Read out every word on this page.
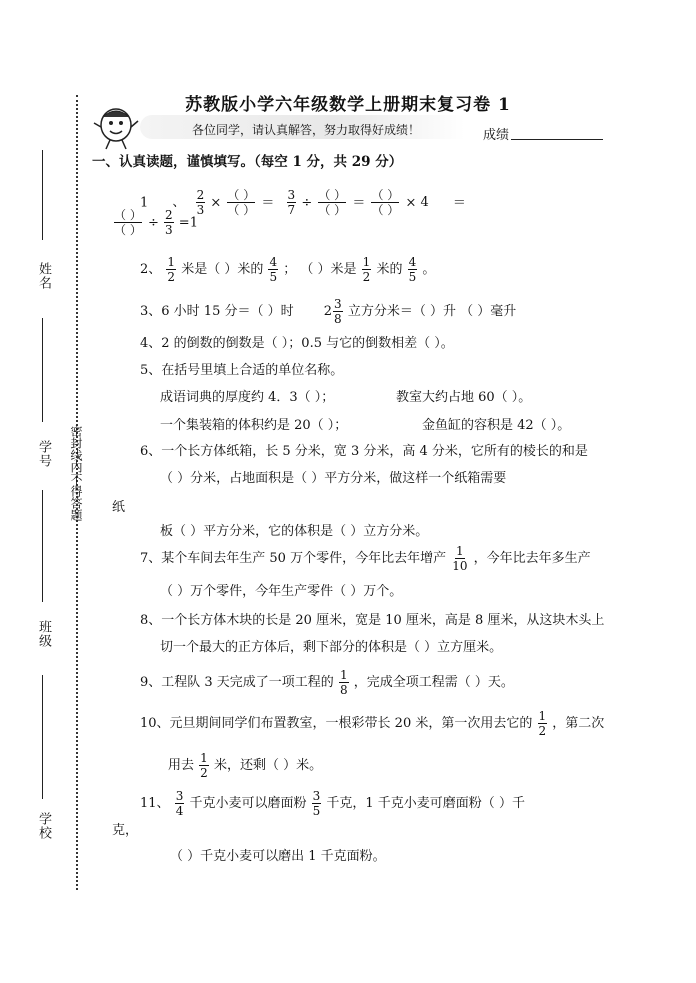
姓名
学号 密封线内不得答题
班级
学校
苏教版小学六年级数学上册期末复习卷 1
各位同学，请认真解答，努力取得好成绩！	成绩
一、认真读题，谨慎填写。（每空 1 分，共 29 分）
1 、 $\frac{2}{3}$ ×
（ ）
（ ） ＝ $\frac{3}{7}$ ÷
（ ）
（ ） ＝
（ ）
（ ） × 4 ＝
（ ）
（ ） ÷ $\frac{2}{3} =1$
2、 $\frac{1}{2}$ 米是（ ）米的 $\frac{4}{5}$ ； （ ）米是 $\frac{1}{2}$ 米的 $\frac{4}{5}$ 。
3、6 小时 15 分＝（ ）时 $2 \frac{3}{8}$ 立方分米＝（ ）升 （ ）毫升
4、2 的倒数的倒数是（ ）；0.5 与它的倒数相差（ ）。
5、在括号里填上合适的单位名称。
成语词典的厚度约 4．3（ ）；	教室大约占地 60（ ）。
一个集装箱的体积约是 20（ ）；	金鱼缸的容积是 42（ ）。
6、一个长方体纸箱，长 5 分米，宽 3 分米，高 4 分米，它所有的棱长的和是
（ ）分米，占地面积是（ ）平方分米，做这样一个纸箱需要
纸
板（ ）平方分米，它的体积是（ ）立方分米。
7、某个车间去年生产 50 万个零件，今年比去年增产 $\frac{1}{10}$ ，今年比去年多生产
（ ）万个零件，今年生产零件（ ）万个。
8、一个长方体木块的长是 20 厘米，宽是 10 厘米，高是 8 厘米，从这块木头上
切一个最大的正方体后，剩下部分的体积是（ ）立方厘米。
9、工程队 3 天完成了一项工程的 $\frac{1}{8}$ ，完成全项工程需（ ）天。
10、元旦期间同学们布置教室，一根彩带长 20 米，第一次用去它的 $\frac{1}{2}$ ，第二次
用去 $\frac{1}{2}$ 米，还剩（ ）米。
11、 $\frac{3}{4}$ 千克小麦可以磨面粉 $\frac{3}{5}$ 千克，1 千克小麦可磨面粉（ ）千
克，
（ ）千克小麦可以磨出 1 千克面粉。
